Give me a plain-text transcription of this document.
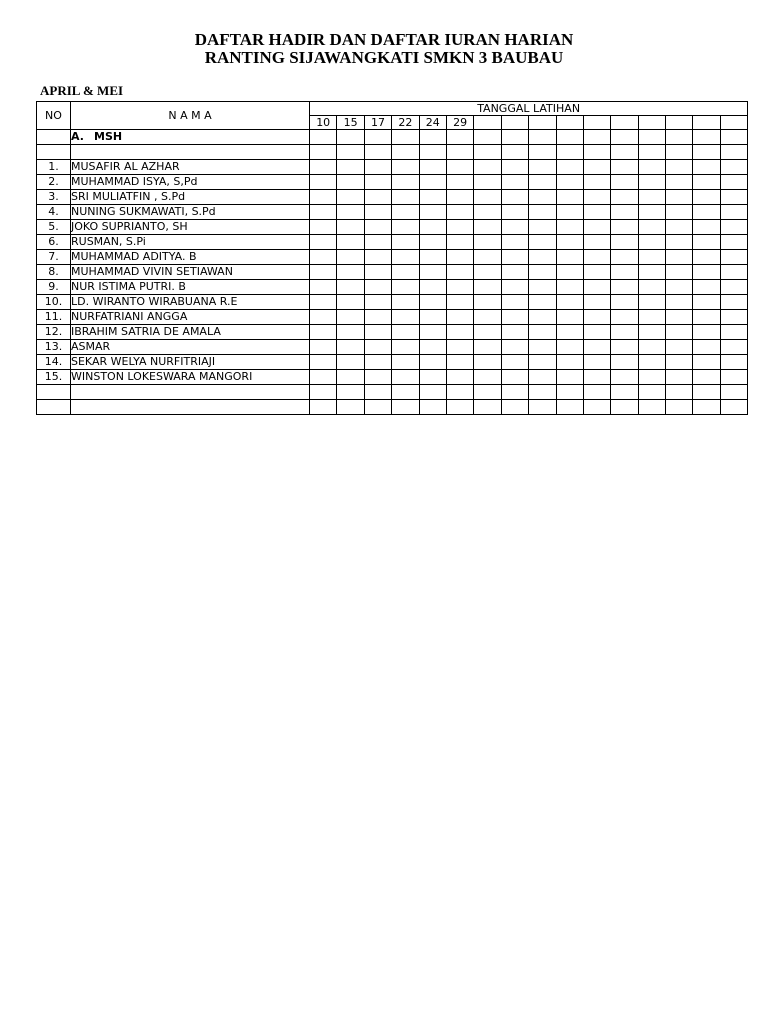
DAFTAR HADIR DAN DAFTAR IURAN HARIAN
RANTING SIJAWANGKATI SMKN 3 BAUBAU
APRIL & MEI
NO	N A M A	TANGGAL LATIHAN															
		10	15	17	22	24	29										
	A. MSH																

1.	MUSAFIR AL AZHAR																
2.	MUHAMMAD ISYA, S,Pd																
3.	SRI MULIATFIN , S.Pd																
4.	NUNING SUKMAWATI, S.Pd																
5.	JOKO SUPRIANTO, SH																
6.	RUSMAN, S.Pi																
7.	MUHAMMAD ADITYA. B																
8.	MUHAMMAD VIVIN SETIAWAN																
9.	NUR ISTIMA PUTRI. B																
10.	LD. WIRANTO WIRABUANA R.E																
11.	NURFATRIANI ANGGA																
12.	IBRAHIM SATRIA DE AMALA																
13.	ASMAR																
14.	SEKAR WELYA NURFITRIAJI																
15.	WINSTON LOKESWARA MANGORI																
